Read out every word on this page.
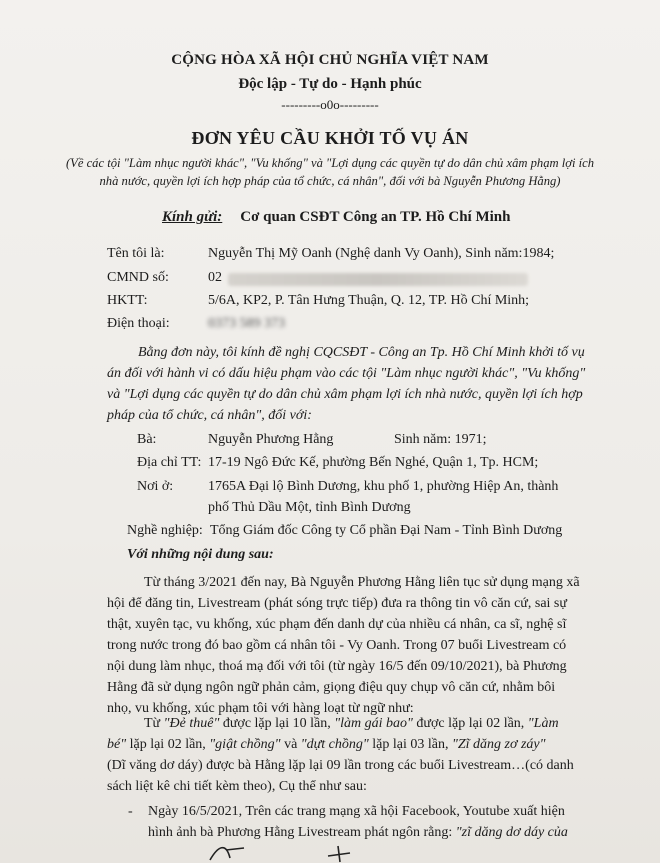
CỘNG HÒA XÃ HỘI CHỦ NGHĨA VIỆT NAM
Độc lập - Tự do - Hạnh phúc
---------o0o---------
ĐƠN YÊU CẦU KHỞI TỐ VỤ ÁN
(Về các tội "Làm nhục người khác", "Vu khống" và "Lợi dụng các quyền tự do dân chủ xâm phạm lợi ích
nhà nước, quyền lợi ích hợp pháp của tổ chức, cá nhân", đối với bà Nguyễn Phương Hằng)
Kính gửi: Cơ quan CSĐT Công an TP. Hồ Chí Minh
Tên tôi là:	Nguyễn Thị Mỹ Oanh (Nghệ danh Vy Oanh), Sinh năm:1984;
CMND số:	02
HKTT:	5/6A, KP2, P. Tân Hưng Thuận, Q. 12, TP. Hồ Chí Minh;
Điện thoại:	0373 589 373
Bằng đơn này, tôi kính đề nghị CQCSĐT - Công an Tp. Hồ Chí Minh khởi tố vụ
án đối với hành vi có dấu hiệu phạm vào các tội "Làm nhục người khác", "Vu khống"
và "Lợi dụng các quyền tự do dân chủ xâm phạm lợi ích nhà nước, quyền lợi ích hợp
pháp của tổ chức, cá nhân", đối với:
Bà:	Nguyễn Phương Hằng	Sinh năm: 1971;
Địa chỉ TT: 17-19 Ngô Đức Kế, phường Bến Nghé, Quận 1, Tp. HCM;
Nơi ở: 1765A Đại lộ Bình Dương, khu phố 1, phường Hiệp An, thành
phố Thủ Dầu Một, tỉnh Bình Dương
Nghề nghiệp: Tổng Giám đốc Công ty Cổ phần Đại Nam - Tỉnh Bình Dương
Với những nội dung sau:
Từ tháng 3/2021 đến nay, Bà Nguyễn Phương Hằng liên tục sử dụng mạng xã
hội để đăng tin, Livestream (phát sóng trực tiếp) đưa ra thông tin vô căn cứ, sai sự
thật, xuyên tạc, vu khống, xúc phạm đến danh dự của nhiều cá nhân, ca sĩ, nghệ sĩ
trong nước trong đó bao gồm cá nhân tôi - Vy Oanh. Trong 07 buổi Livestream có
nội dung làm nhục, thoá mạ đối với tôi (từ ngày 16/5 đến 09/10/2021), bà Phương
Hằng đã sử dụng ngôn ngữ phản cảm, giọng điệu quy chụp vô căn cứ, nhằm bôi
nhọ, vu khống, xúc phạm tôi với hàng loạt từ ngữ như:
Từ "Đẻ thuê" được lặp lại 10 lần, "làm gái bao" được lặp lại 02 lần, "Làm
bé" lặp lại 02 lần, "giật chồng" và "dựt chồng" lặp lại 03 lần, "Zĩ dăng zơ záy"
(Dĩ văng dơ dáy) được bà Hằng lặp lại 09 lần trong các buổi Livestream…(có danh
sách liệt kê chi tiết kèm theo), Cụ thể như sau:
- Ngày 16/5/2021, Trên các trang mạng xã hội Facebook, Youtube xuất hiện
hình ảnh bà Phương Hằng Livestream phát ngôn rằng: "zĩ dăng dơ dáy của
